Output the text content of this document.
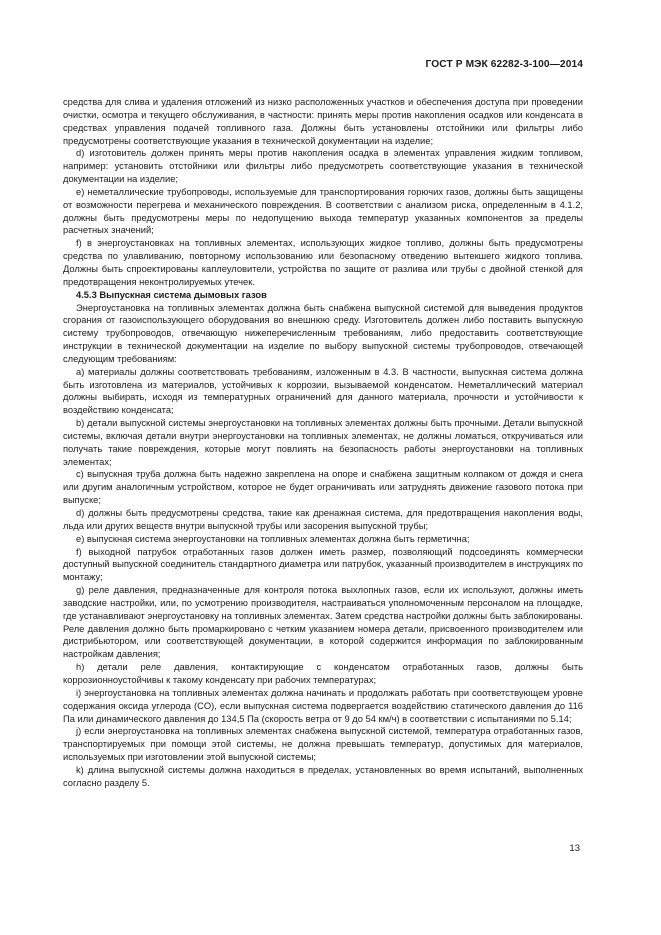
ГОСТ Р МЭК 62282-3-100—2014

средства для слива и удаления отложений из низко расположенных участков и обеспечения доступа при проведении очистки, осмотра и текущего обслуживания, в частности: принять меры против накопления осадков или конденсата в средствах управления подачей топливного газа. Должны быть установлены отстойники или фильтры либо предусмотрены соответствующие указания в технической документации на изделие;

d) изготовитель должен принять меры против накопления осадка в элементах управления жидким топливом, например: установить отстойники или фильтры либо предусмотреть соответствующие указания в технической документации на изделие;

e) неметаллические трубопроводы, используемые для транспортирования горючих газов, должны быть защищены от возможности перегрева и механического повреждения. В соответствии с анализом риска, определенным в 4.1.2, должны быть предусмотрены меры по недопущению выхода температур указанных компонентов за пределы расчетных значений;

f) в энергоустановках на топливных элементах, использующих жидкое топливо, должны быть предусмотрены средства по улавливанию, повторному использованию или безопасному отведению вытекшего жидкого топлива. Должны быть спроектированы каплеуловители, устройства по защите от разлива или трубы с двойной стенкой для предотвращения неконтролируемых утечек.

4.5.3 Выпускная система дымовых газов

Энергоустановка на топливных элементах должна быть снабжена выпускной системой для выведения продуктов сгорания от газоиспользующего оборудования во внешнюю среду. Изготовитель должен либо поставить выпускную систему трубопроводов, отвечающую нижеперечисленным требованиям, либо предоставить соответствующие инструкции в технической документации на изделие по выбору выпускной системы трубопроводов, отвечающей следующим требованиям:

a) материалы должны соответствовать требованиям, изложенным в 4.3. В частности, выпускная система должна быть изготовлена из материалов, устойчивых к коррозии, вызываемой конденсатом. Неметаллический материал должны выбирать, исходя из температурных ограничений для данного материала, прочности и устойчивости к воздействию конденсата;

b) детали выпускной системы энергоустановки на топливных элементах должны быть прочными. Детали выпускной системы, включая детали внутри энергоустановки на топливных элементах, не должны ломаться, откручиваться или получать такие повреждения, которые могут повлиять на безопасность работы энергоустановки на топливных элементах;

c) выпускная труба должна быть надежно закреплена на опоре и снабжена защитным колпаком от дождя и снега или другим аналогичным устройством, которое не будет ограничивать или затруднять движение газового потока при выпуске;

d) должны быть предусмотрены средства, такие как дренажная система, для предотвращения накопления воды, льда или других веществ внутри выпускной трубы или засорения выпускной трубы;

e) выпускная система энергоустановки на топливных элементах должна быть герметична;

f) выходной патрубок отработанных газов должен иметь размер, позволяющий подсоединять коммерчески доступный выпускной соединитель стандартного диаметра или патрубок, указанный производителем в инструкциях по монтажу;

g) реле давления, предназначенные для контроля потока выхлопных газов, если их используют, должны иметь заводские настройки, или, по усмотрению производителя, настраиваться уполномоченным персоналом на площадке, где устанавливают энергоустановку на топливных элементах. Затем средства настройки должны быть заблокированы. Реле давления должно быть промаркировано с четким указанием номера детали, присвоенного производителем или дистрибьютором, или соответствующей документации, в которой содержится информация по заблокированным настройкам давления;

h) детали реле давления, контактирующие с конденсатом отработанных газов, должны быть коррозионноустойчивы к такому конденсату при рабочих температурах;

i) энергоустановка на топливных элементах должна начинать и продолжать работать при соответствующем уровне содержания оксида углерода (CO), если выпускная система подвергается воздействию статического давления до 116 Па или динамического давления до 134,5 Па (скорость ветра от 9 до 54 км/ч) в соответствии с испытаниями по 5.14;

j) если энергоустановка на топливных элементах снабжена выпускной системой, температура отработанных газов, транспортируемых при помощи этой системы, не должна превышать температур, допустимых для материалов, используемых при изготовлении этой выпускной системы;

k) длина выпускной системы должна находиться в пределах, установленных во время испытаний, выполненных согласно разделу 5.

13
